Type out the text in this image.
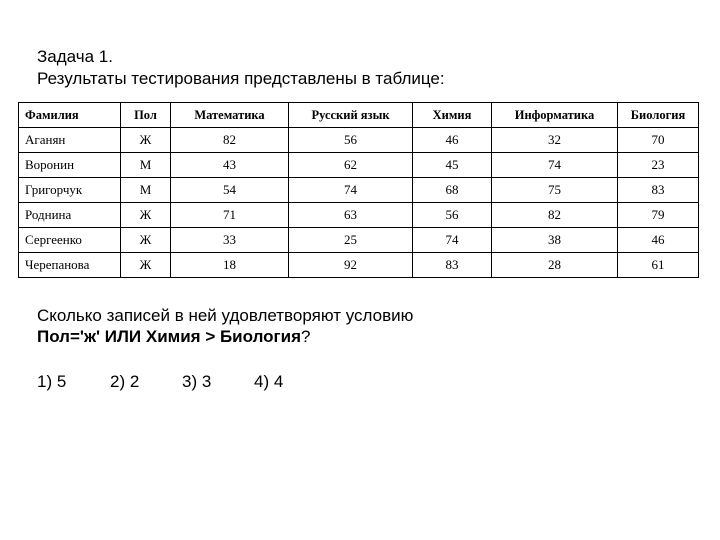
Задача 1.
Результаты тестирования представлены в таблице:
Фамилия	Пол	Математика	Русский язык	Химия	Информатика	Биология
Аганян	Ж	82	56	46	32	70
Воронин	М	43	62	45	74	23
Григорчук	М	54	74	68	75	83
Роднина	Ж	71	63	56	82	79
Сергеенко	Ж	33	25	74	38	46
Черепанова	Ж	18	92	83	28	61
Сколько записей в ней удовлетворяют условию
Пол='ж' ИЛИ Химия > Биология?
1) 5	2) 2	3) 3	4) 4
